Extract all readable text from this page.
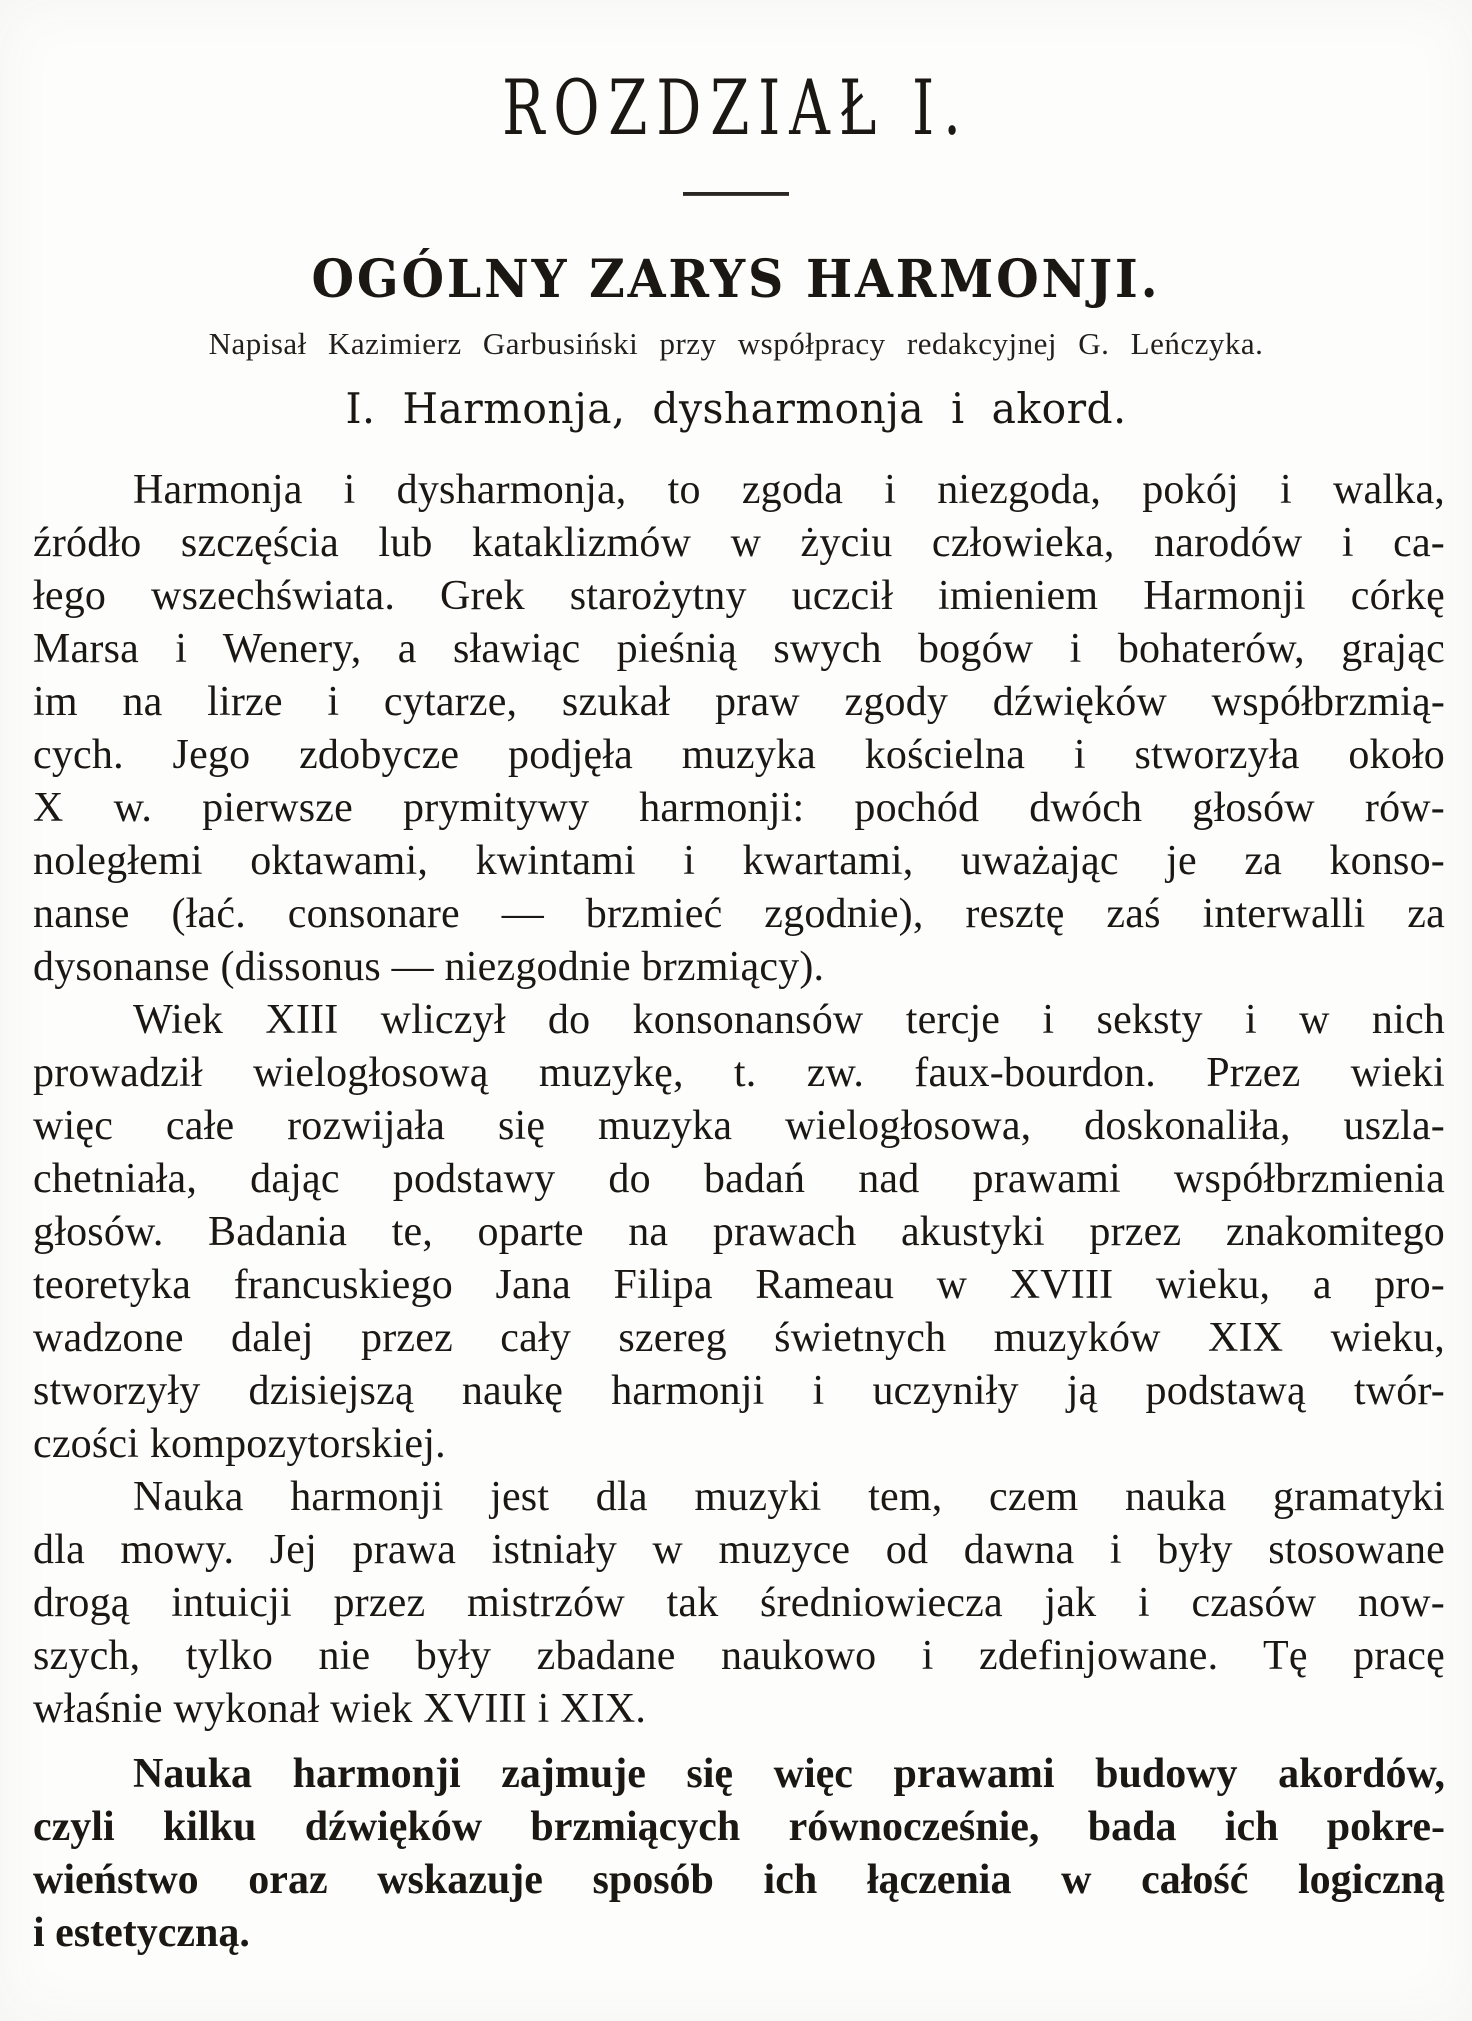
ROZDZIAŁ I.
OGÓLNY ZARYS HARMONJI.

Napisał Kazimierz Garbusiński przy współpracy redakcyjnej G. Leńczyka.

I. Harmonja, dysharmonja i akord.
Harmonja i dysharmonja, to zgoda i niezgoda, pokój i walka,
źródło szczęścia lub kataklizmów w życiu człowieka, narodów i ca-
łego wszechświata. Grek starożytny uczcił imieniem Harmonji córkę
Marsa i Wenery, a sławiąc pieśnią swych bogów i bohaterów, grając
im na lirze i cytarze, szukał praw zgody dźwięków współbrzmią-
cych. Jego zdobycze podjęła muzyka kościelna i stworzyła około
X w. pierwsze prymitywy harmonji: pochód dwóch głosów rów-
noległemi oktawami, kwintami i kwartami, uważając je za konso-
nanse (łać. consonare — brzmieć zgodnie), resztę zaś interwalli za
dysonanse (dissonus — niezgodnie brzmiący).
Wiek XIII wliczył do konsonansów tercje i seksty i w nich
prowadził wielogłosową muzykę, t. zw. faux-bourdon. Przez wieki
więc całe rozwijała się muzyka wielogłosowa, doskonaliła, uszla-
chetniała, dając podstawy do badań nad prawami współbrzmienia
głosów. Badania te, oparte na prawach akustyki przez znakomitego
teoretyka francuskiego Jana Filipa Rameau w XVIII wieku, a pro-
wadzone dalej przez cały szereg świetnych muzyków XIX wieku,
stworzyły dzisiejszą naukę harmonji i uczyniły ją podstawą twór-
czości kompozytorskiej.
Nauka harmonji jest dla muzyki tem, czem nauka gramatyki
dla mowy. Jej prawa istniały w muzyce od dawna i były stosowane
drogą intuicji przez mistrzów tak średniowiecza jak i czasów now-
szych, tylko nie były zbadane naukowo i zdefinjowane. Tę pracę
właśnie wykonał wiek XVIII i XIX.
Nauka harmonji zajmuje się więc prawami budowy akordów,
czyli kilku dźwięków brzmiących równocześnie, bada ich pokre-
wieństwo oraz wskazuje sposób ich łączenia w całość logiczną
i estetyczną.
